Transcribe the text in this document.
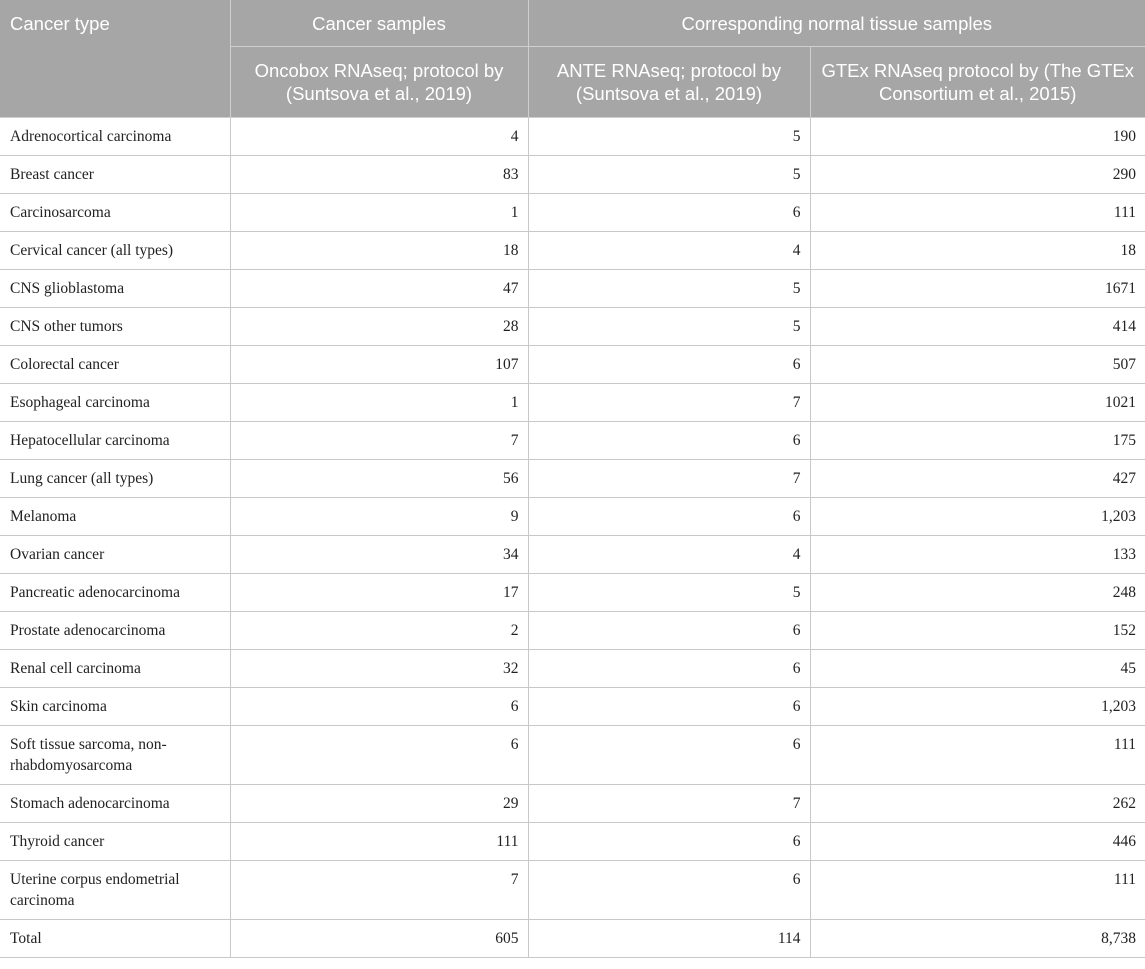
Cancer type	Cancer samples	Corresponding normal tissue samples	
	Oncobox RNAseq; protocol by (Suntsova et al., 2019)	ANTE RNAseq; protocol by (Suntsova et al., 2019)	GTEx RNAseq protocol by (The GTEx Consortium et al., 2015)
Adrenocortical carcinoma	4	5	190
Breast cancer	83	5	290
Carcinosarcoma	1	6	111
Cervical cancer (all types)	18	4	18
CNS glioblastoma	47	5	1671
CNS other tumors	28	5	414
Colorectal cancer	107	6	507
Esophageal carcinoma	1	7	1021
Hepatocellular carcinoma	7	6	175
Lung cancer (all types)	56	7	427
Melanoma	9	6	1,203
Ovarian cancer	34	4	133
Pancreatic adenocarcinoma	17	5	248
Prostate adenocarcinoma	2	6	152
Renal cell carcinoma	32	6	45
Skin carcinoma	6	6	1,203
Soft tissue sarcoma, non-rhabdomyosarcoma	6	6	111
Stomach adenocarcinoma	29	7	262
Thyroid cancer	111	6	446
Uterine corpus endometrial carcinoma	7	6	111
Total	605	114	8,738
